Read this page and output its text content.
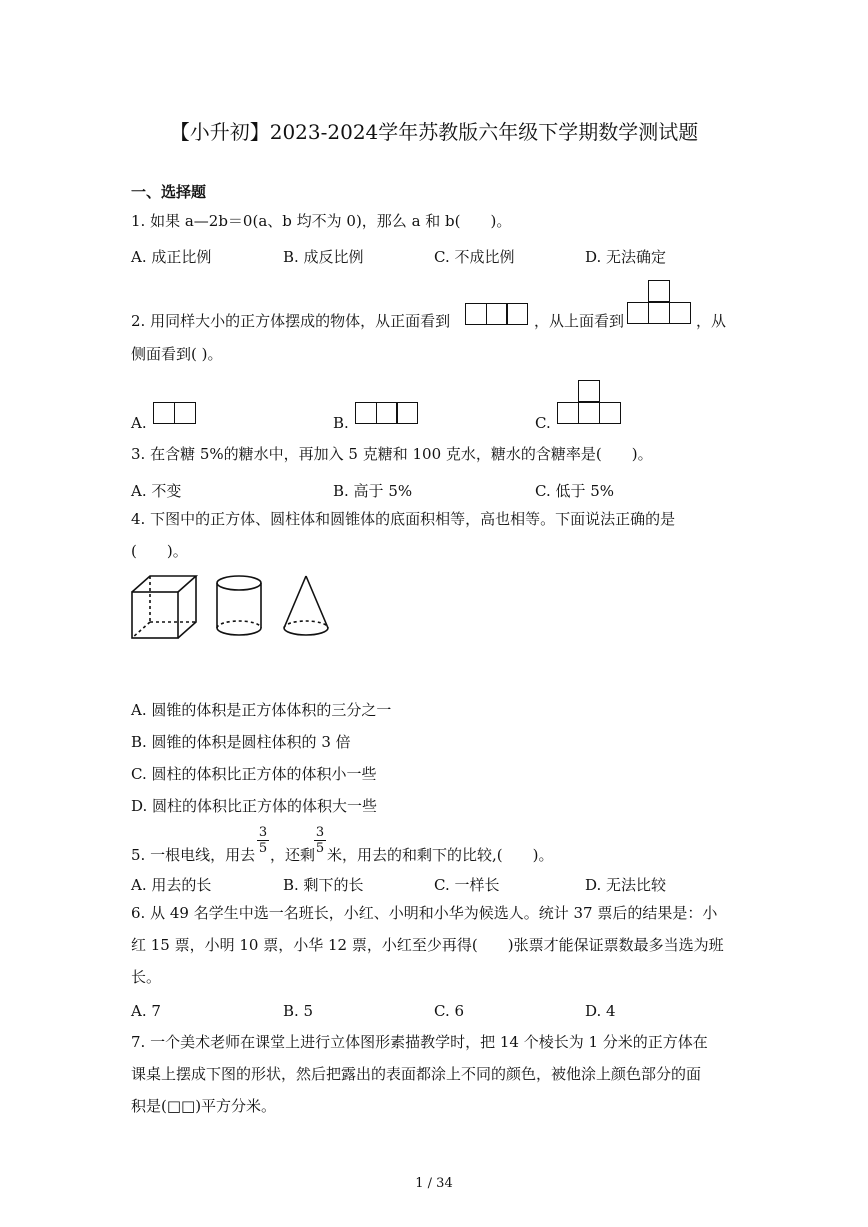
【小升初】2023-2024学年苏教版六年级下学期数学测试题
一、选择题
1. 如果 a—2b＝0(a、b 均不为 0)，那么 a 和 b(　　)。
A. 成正比例	B. 成反比例	C. 不成比例	D. 无法确定
2. 用同样大小的正方体摆成的物体，从正面看到	，从上面看到	，从
侧面看到( )。
A.	B.	C.
3. 在含糖 5%的糖水中，再加入 5 克糖和 100 克水，糖水的含糖率是(　　)。
A. 不变	B. 高于 5%	C. 低于 5%
4. 下图中的正方体、圆柱体和圆锥体的底面积相等，高也相等。下面说法正确的是
(　　)。
A. 圆锥的体积是正方体体积的三分之一
B. 圆锥的体积是圆柱体积的 3 倍
C. 圆柱的体积比正方体的体积小一些
D. 圆柱的体积比正方体的体积大一些
5. 一根电线，用去 $\frac{3}{5}$ ，还剩
$\frac{3}{5}$ 米，用去的和剩下的比较,(　　)。
A. 用去的长	B. 剩下的长	C. 一样长	D. 无法比较
6. 从 49 名学生中选一名班长，小红、小明和小华为候选人。统计 37 票后的结果是：小
红 15 票，小明 10 票，小华 12 票，小红至少再得(　　)张票才能保证票数最多当选为班
长。
A. 7	B. 5	C. 6	D. 4
7. 一个美术老师在课堂上进行立体图形素描教学时，把 14 个棱长为 1 分米的正方体在
课桌上摆成下图的形状，然后把露出的表面都涂上不同的颜色，被他涂上颜色部分的面
积是(□□)平方分米。
1 / 34
